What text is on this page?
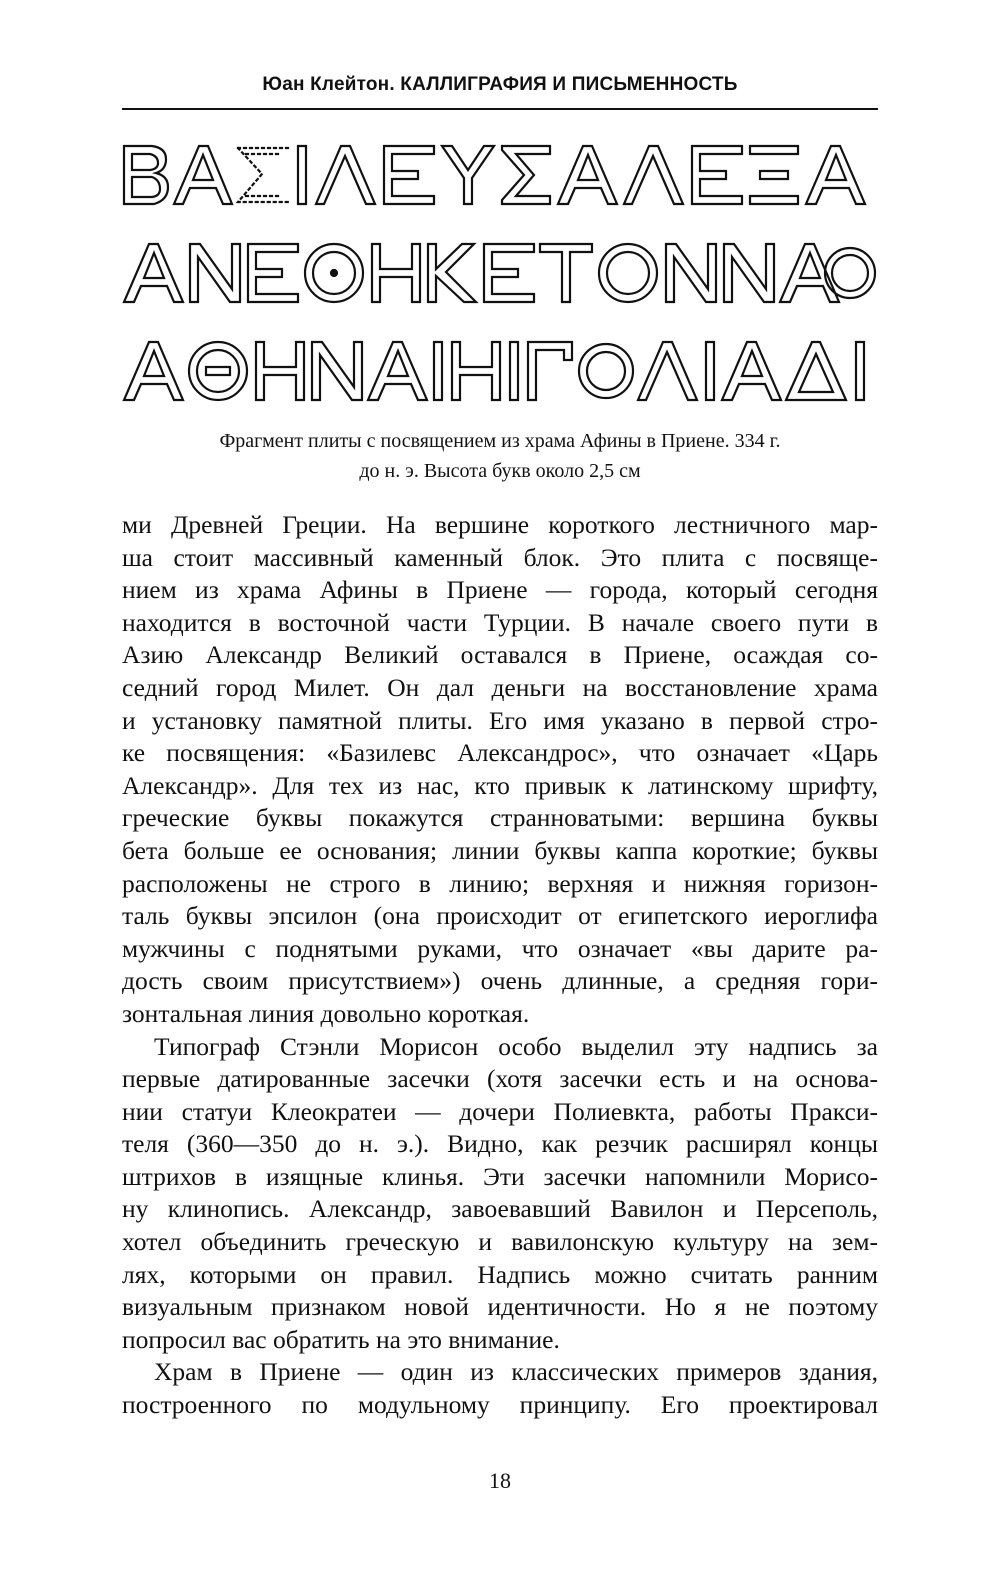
Юан Клейтон. КАЛЛИГРАФИЯ И ПИСЬМЕННОСТЬ
Фрагмент плиты с посвящением из храма Афины в Приене. 334 г.
до н. э. Высота букв около 2,5 см
ми Древней Греции. На вершине короткого лестничного мар-
ша стоит массивный каменный блок. Это плита с посвяще-
нием из храма Афины в Приене — города, который сегодня
находится в восточной части Турции. В начале своего пути в
Азию Александр Великий оставался в Приене, осаждая со-
седний город Милет. Он дал деньги на восстановление храма
и установку памятной плиты. Его имя указано в первой стро-
ке посвящения: «Базилевс Александрос», что означает «Царь
Александр». Для тех из нас, кто привык к латинскому шрифту,
греческие буквы покажутся странноватыми: вершина буквы
бета больше ее основания; линии буквы каппа короткие; буквы
расположены не строго в линию; верхняя и нижняя горизон-
таль буквы эпсилон (она происходит от египетского иероглифа
мужчины с поднятыми руками, что означает «вы дарите ра-
дость своим присутствием») очень длинные, а средняя гори-
зонтальная линия довольно короткая.
Типограф Стэнли Морисон особо выделил эту надпись за
первые датированные засечки (хотя засечки есть и на основа-
нии статуи Клеократеи — дочери Полиевкта, работы Пракси-
теля (360—350 до н. э.). Видно, как резчик расширял концы
штрихов в изящные клинья. Эти засечки напомнили Морисо-
ну клинопись. Александр, завоевавший Вавилон и Персеполь,
хотел объединить греческую и вавилонскую культуру на зем-
лях, которыми он правил. Надпись можно считать ранним
визуальным признаком новой идентичности. Но я не поэтому
попросил вас обратить на это внимание.
Храм в Приене — один из классических примеров здания,
построенного по модульному принципу. Его проектировал
18
